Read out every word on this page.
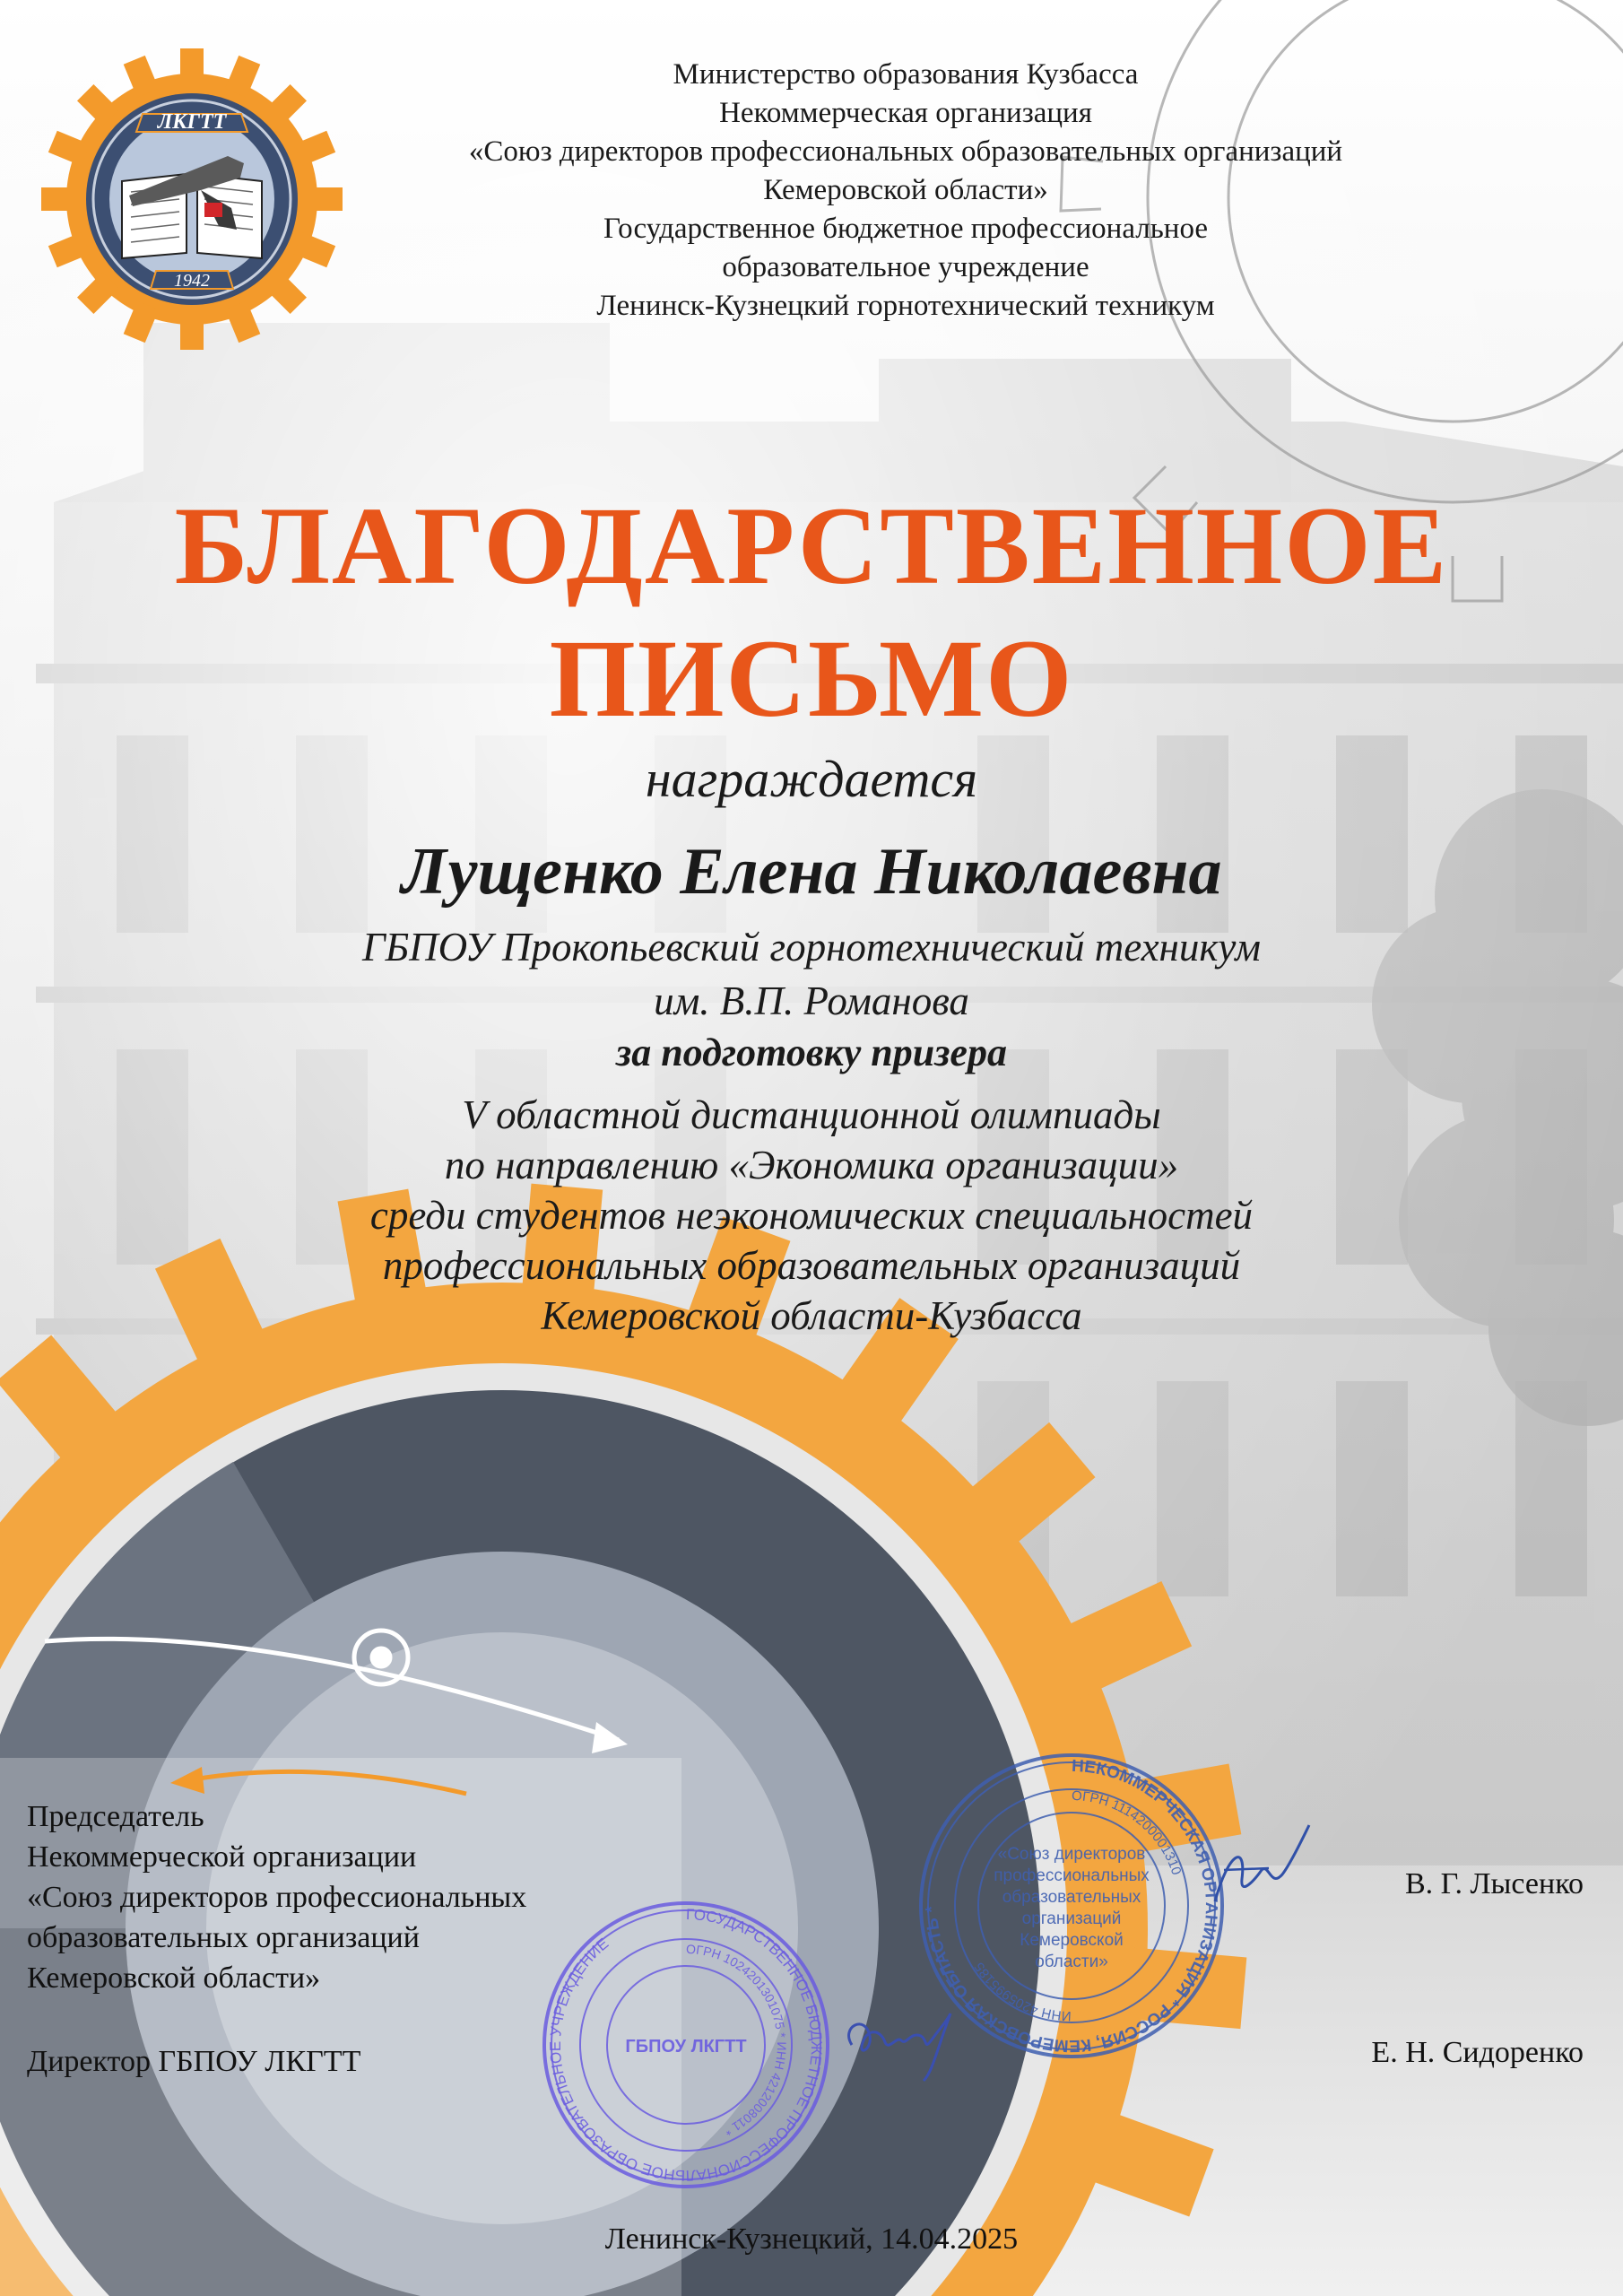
ЛКГТТ
1942
Министерство образования Кузбасса
Некоммерческая организация
«Союз директоров профессиональных образовательных организаций
Кемеровской области»
Государственное бюджетное профессиональное
образовательное учреждение
Ленинск-Кузнецкий горнотехнический техникум
БЛАГОДАРСТВЕННОЕ
ПИСЬМО
награждается
Лущенко Елена Николаевна
ГБПОУ Прокопьевский горнотехнический техникум
им. В.П. Романова
за подготовку призера
V областной дистанционной олимпиады
по направлению «Экономика организации»
среди студентов неэкономических специальностей
профессиональных образовательных организаций
Кемеровской области-Кузбасса
НЕКОММЕРЧЕСКАЯ ОРГАНИЗАЦИЯ * РОССИЯ, КЕМЕРОВСКАЯ ОБЛАСТЬ *
ОГРН 1114200001310
ИНН 4205995185
«Союз директоров
профессиональных
образовательных
организаций
Кемеровской
области»
ГОСУДАРСТВЕННОЕ БЮДЖЕТНОЕ ПРОФЕССИОНАЛЬНОЕ ОБРАЗОВАТЕЛЬНОЕ УЧРЕЖДЕНИЕ	ОГРН 1024201301075 * ИНН 4212008011 *
ГБПОУ ЛКГТТ
Председатель
Некоммерческой организации
«Союз директоров профессиональных
образовательных организаций
Кемеровской области»
В. Г. Лысенко
Директор ГБПОУ ЛКГТТ	Е. Н. Сидоренко
Ленинск-Кузнецкий, 14.04.2025
